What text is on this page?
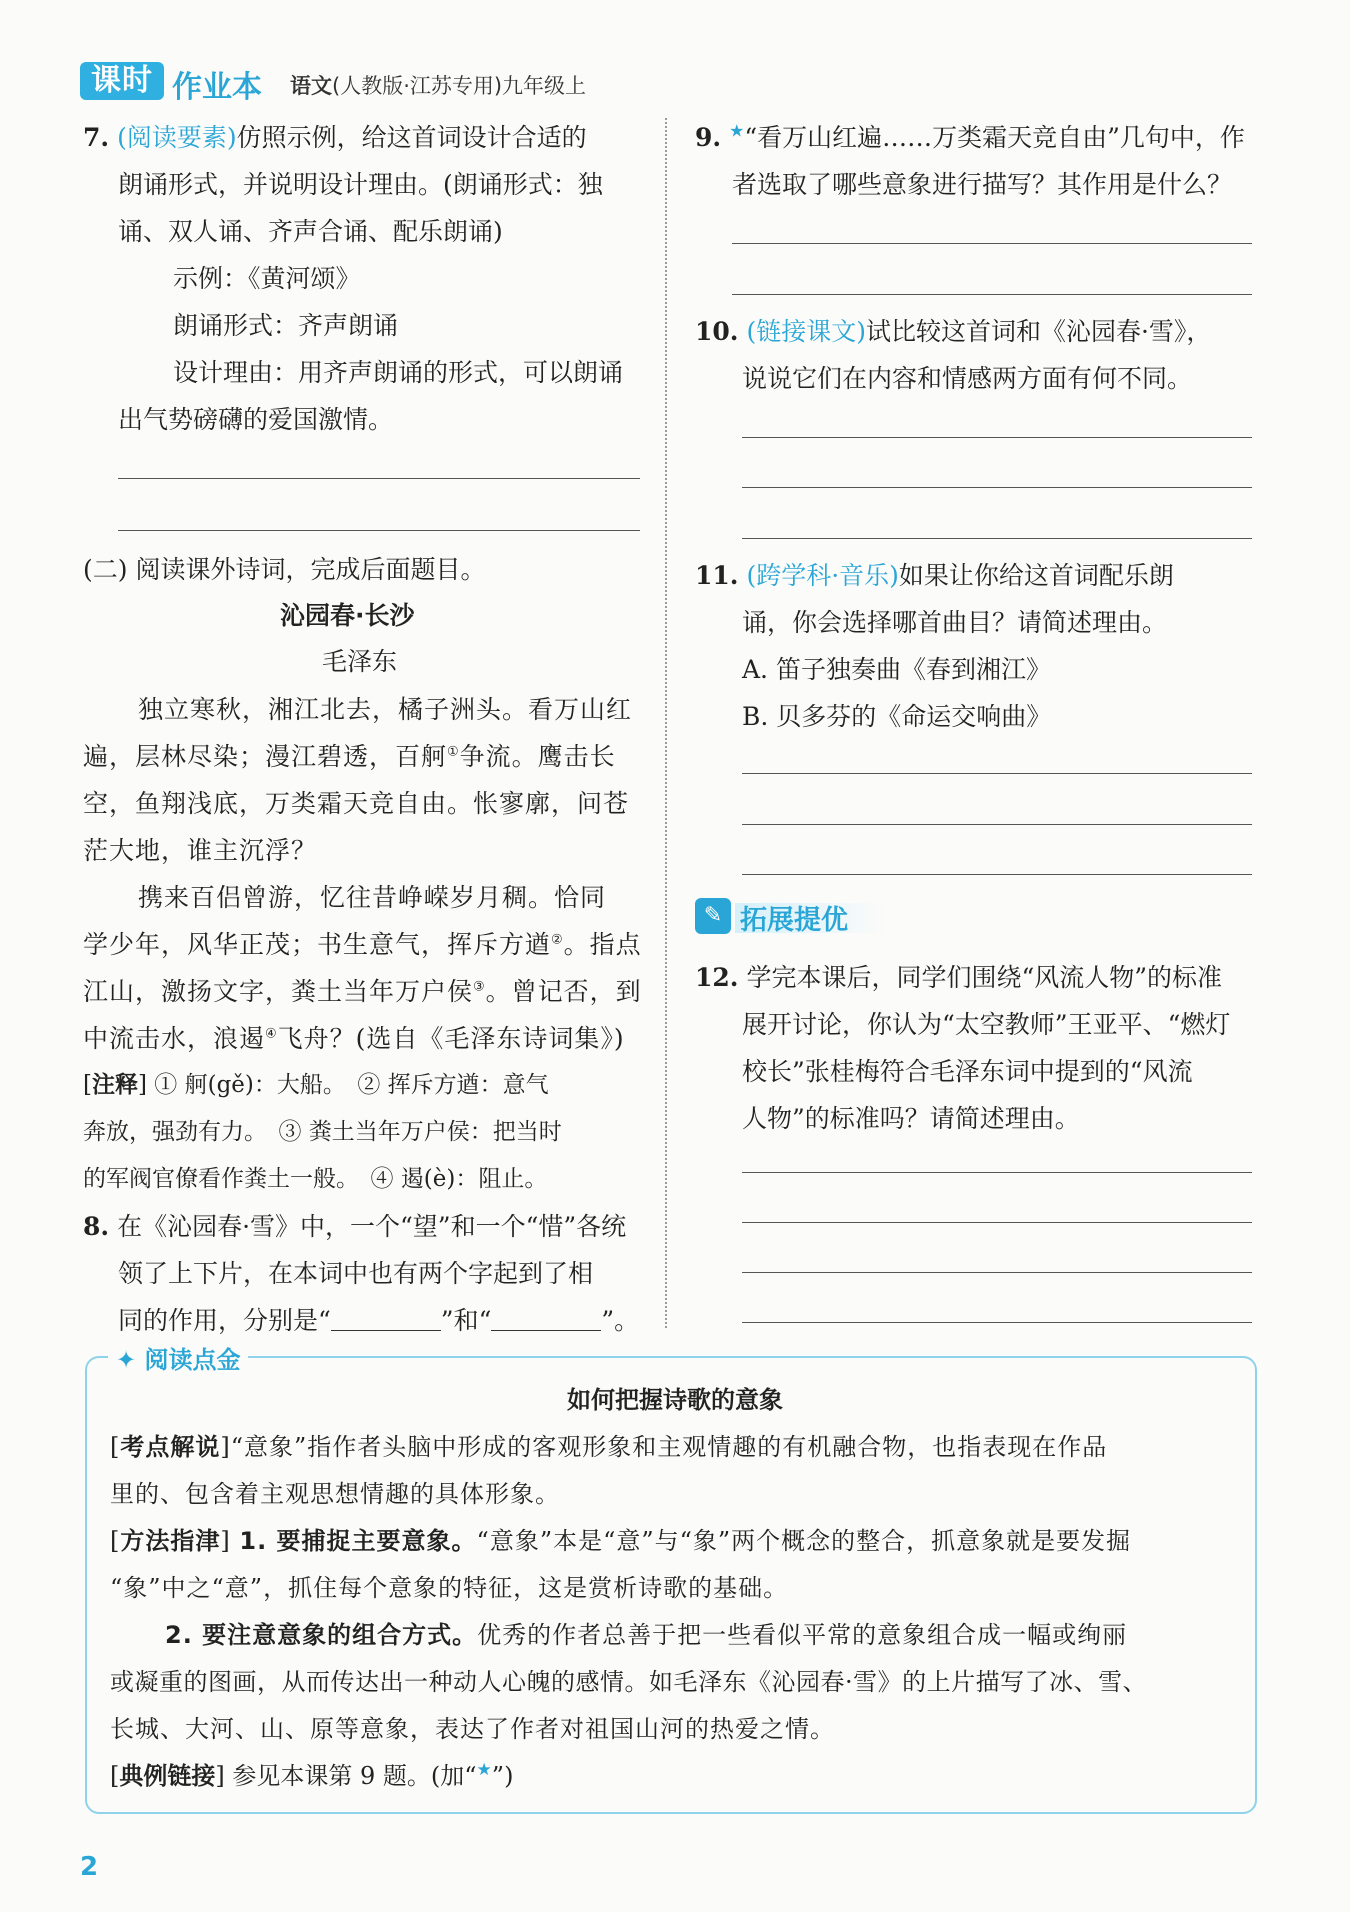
课时 作业本 语文(人教版·江苏专用)九年级上
7. (阅读要素)仿照示例，给这首词设计合适的
朗诵形式，并说明设计理由。(朗诵形式：独
诵、双人诵、齐声合诵、配乐朗诵)
示例：《黄河颂》
朗诵形式：齐声朗诵
设计理由：用齐声朗诵的形式，可以朗诵
出气势磅礴的爱国激情。
(二) 阅读课外诗词，完成后面题目。
沁园春·长沙
毛泽东
独立寒秋，湘江北去，橘子洲头。看万山红
遍，层林尽染；漫江碧透，百舸①争流。鹰击长
空，鱼翔浅底，万类霜天竞自由。怅寥廓，问苍
茫大地，谁主沉浮？
携来百侣曾游，忆往昔峥嵘岁月稠。恰同
学少年，风华正茂；书生意气，挥斥方遒②。指点
江山，激扬文字，粪土当年万户侯③。曾记否，到
中流击水，浪遏④飞舟？(选自《毛泽东诗词集》)
[注释] ① 舸(gě)：大船。　② 挥斥方遒：意气
奔放，强劲有力。　③ 粪土当年万户侯：把当时
的军阀官僚看作粪土一般。　④ 遏(è)：阻止。
8. 在《沁园春·雪》中，一个“望”和一个“惜”各统
领了上下片，在本词中也有两个字起到了相
同的作用，分别是“	”和“	”。
9. ★“看万山红遍……万类霜天竞自由”几句中，作
者选取了哪些意象进行描写？其作用是什么？
10. (链接课文)试比较这首词和《沁园春·雪》，
说说它们在内容和情感两方面有何不同。
11. (跨学科·音乐)如果让你给这首词配乐朗
诵，你会选择哪首曲目？请简述理由。
A. 笛子独奏曲《春到湘江》
B. 贝多芬的《命运交响曲》
✎ 拓展提优
12. 学完本课后，同学们围绕“风流人物”的标准
展开讨论，你认为“太空教师”王亚平、“燃灯
校长”张桂梅符合毛泽东词中提到的“风流
人物”的标准吗？请简述理由。
✦ 阅读点金
如何把握诗歌的意象
[考点解说]“意象”指作者头脑中形成的客观形象和主观情趣的有机融合物，也指表现在作品
里的、包含着主观思想情趣的具体形象。
[方法指津] 1. 要捕捉主要意象。“意象”本是“意”与“象”两个概念的整合，抓意象就是要发掘
“象”中之“意”，抓住每个意象的特征，这是赏析诗歌的基础。
2. 要注意意象的组合方式。优秀的作者总善于把一些看似平常的意象组合成一幅或绚丽
或凝重的图画，从而传达出一种动人心魄的感情。如毛泽东《沁园春·雪》的上片描写了冰、雪、
长城、大河、山、原等意象，表达了作者对祖国山河的热爱之情。
[典例链接] 参见本课第 9 题。(加“★”)
2
